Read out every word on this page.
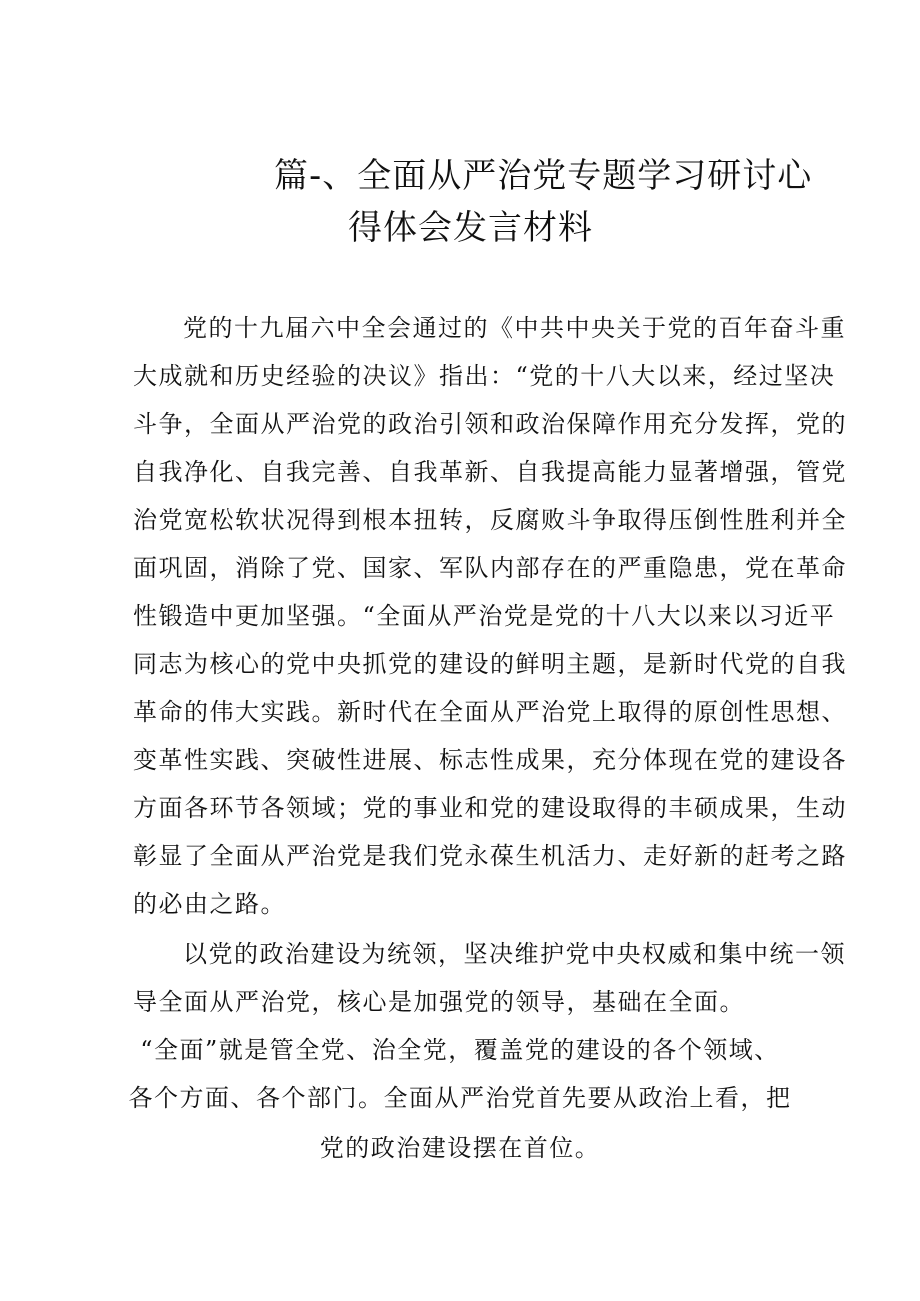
篇-、全面从严治党专题学习研讨心
得体会发言材料
党的十九届六中全会通过的《中共中央关于党的百年奋斗重
大成就和历史经验的决议》指出：“党的十八大以来，经过坚决
斗争，全面从严治党的政治引领和政治保障作用充分发挥，党的
自我净化、自我完善、自我革新、自我提高能力显著增强，管党
治党宽松软状况得到根本扭转，反腐败斗争取得压倒性胜利并全
面巩固，消除了党、国家、军队内部存在的严重隐患，党在革命
性锻造中更加坚强。“全面从严治党是党的十八大以来以习近平
同志为核心的党中央抓党的建设的鲜明主题，是新时代党的自我
革命的伟大实践。新时代在全面从严治党上取得的原创性思想、
变革性实践、突破性进展、标志性成果，充分体现在党的建设各
方面各环节各领域；党的事业和党的建设取得的丰硕成果，生动
彰显了全面从严治党是我们党永葆生机活力、走好新的赶考之路
的必由之路。
以党的政治建设为统领，坚决维护党中央权威和集中统一领
导全面从严治党，核心是加强党的领导，基础在全面。
“全面”就是管全党、治全党，覆盖党的建设的各个领域、
各个方面、各个部门。全面从严治党首先要从政治上看，把
党的政治建设摆在首位。
